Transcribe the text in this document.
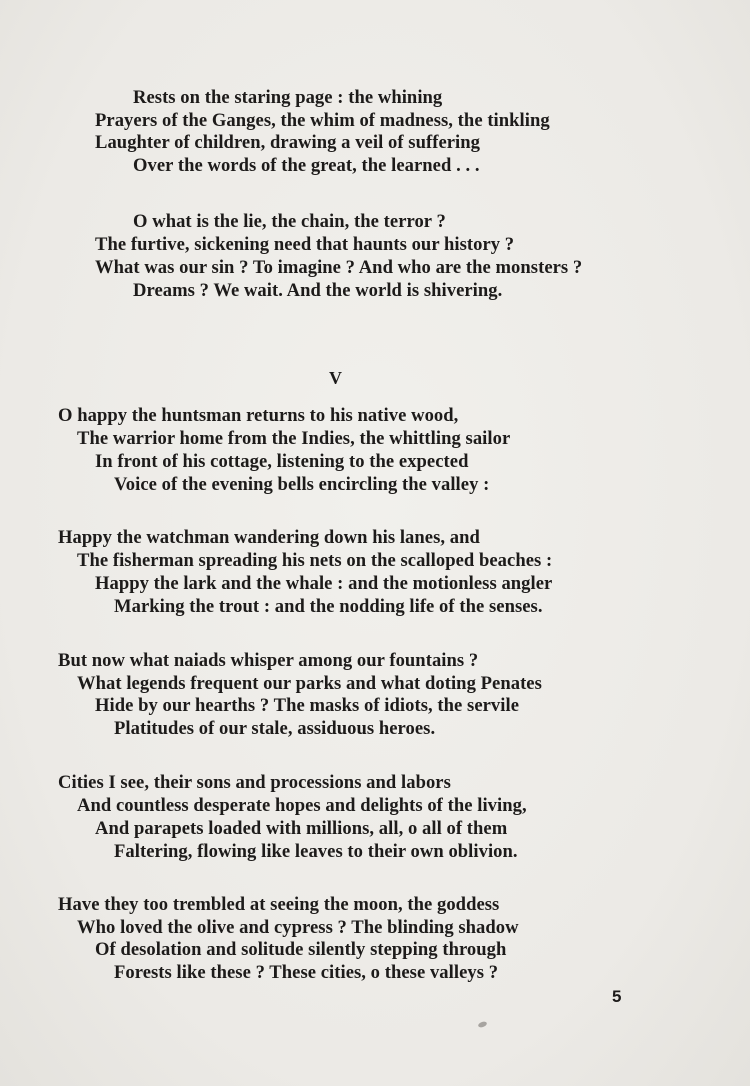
Rests on the staring page : the whining
Prayers of the Ganges, the whim of madness, the tinkling
Laughter of children, drawing a veil of suffering
Over the words of the great, the learned . . .
O what is the lie, the chain, the terror ?
The furtive, sickening need that haunts our history ?
What was our sin ? To imagine ? And who are the monsters ?
Dreams ? We wait. And the world is shivering.
V
O happy the huntsman returns to his native wood,
The warrior home from the Indies, the whittling sailor
In front of his cottage, listening to the expected
Voice of the evening bells encircling the valley :
Happy the watchman wandering down his lanes, and
The fisherman spreading his nets on the scalloped beaches :
Happy the lark and the whale : and the motionless angler
Marking the trout : and the nodding life of the senses.
But now what naiads whisper among our fountains ?
What legends frequent our parks and what doting Penates
Hide by our hearths ? The masks of idiots, the servile
Platitudes of our stale, assiduous heroes.
Cities I see, their sons and processions and labors
And countless desperate hopes and delights of the living,
And parapets loaded with millions, all, o all of them
Faltering, flowing like leaves to their own oblivion.
Have they too trembled at seeing the moon, the goddess
Who loved the olive and cypress ? The blinding shadow
Of desolation and solitude silently stepping through
Forests like these ? These cities, o these valleys ?
5
